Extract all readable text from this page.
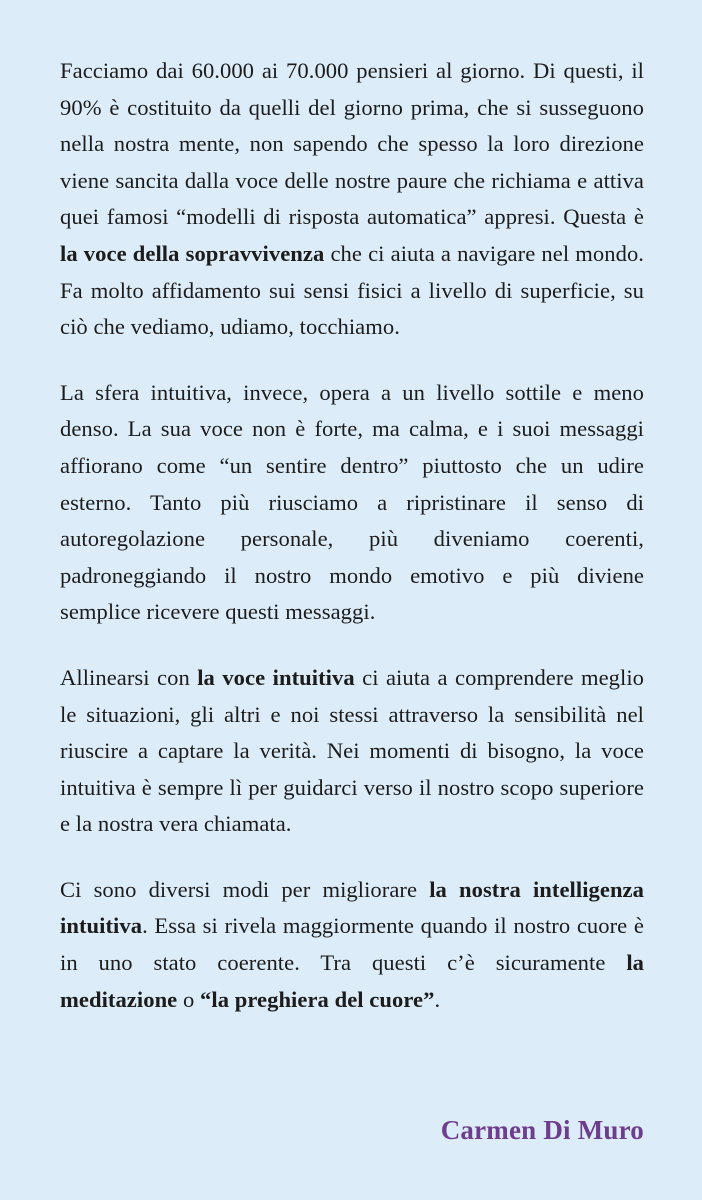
Facciamo dai 60.000 ai 70.000 pensieri al giorno. Di questi, il 90% è costituito da quelli del giorno prima, che si susseguono nella nostra mente, non sapendo che spesso la loro direzione viene sancita dalla voce delle nostre paure che richiama e attiva quei famosi “modelli di risposta automatica” appresi. Questa è la voce della sopravvivenza che ci aiuta a navigare nel mondo. Fa molto affidamento sui sensi fisici a livello di superficie, su ciò che vediamo, udiamo, tocchiamo.

La sfera intuitiva, invece, opera a un livello sottile e meno denso. La sua voce non è forte, ma calma, e i suoi messaggi affiorano come “un sentire dentro” piuttosto che un udire esterno. Tanto più riusciamo a ripristinare il senso di autoregolazione personale, più diveniamo coerenti, padroneggiando il nostro mondo emotivo e più diviene semplice ricevere questi messaggi.

Allinearsi con la voce intuitiva ci aiuta a comprendere meglio le situazioni, gli altri e noi stessi attraverso la sensibilità nel riuscire a captare la verità. Nei momenti di bisogno, la voce intuitiva è sempre lì per guidarci verso il nostro scopo superiore e la nostra vera chiamata.

Ci sono diversi modi per migliorare la nostra intelligenza intuitiva. Essa si rivela maggiormente quando il nostro cuore è in uno stato coerente. Tra questi c’è sicuramente la meditazione o “la preghiera del cuore”.

Carmen Di Muro
